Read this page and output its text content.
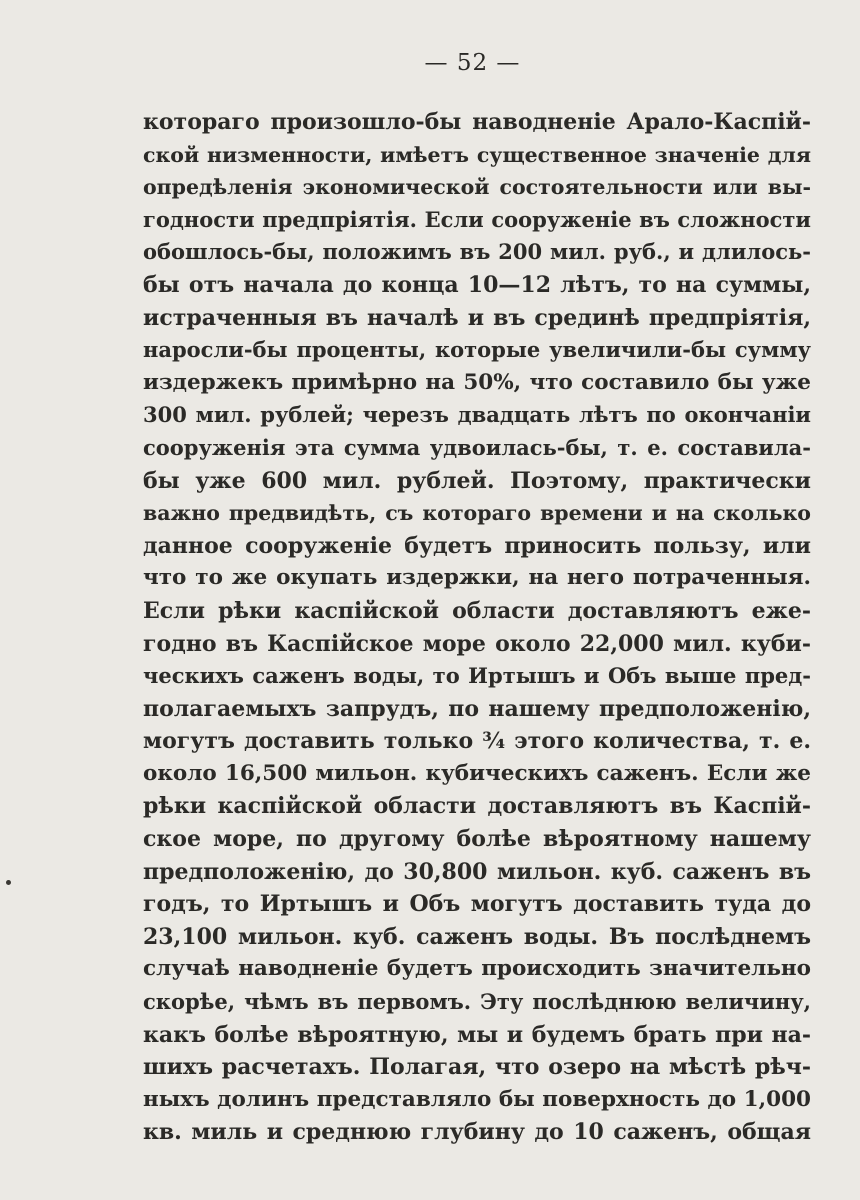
— 52 —
котораго произошло-бы наводненіе Арало-Каспій-
ской низменности, имѣетъ существенное значеніе для
опредѣленія экономической состоятельности или вы-
годности предпріятія. Если сооруженіе въ сложности
обошлось-бы, положимъ въ 200 мил. руб., и длилось-
бы отъ начала до конца 10—12 лѣтъ, то на суммы,
истраченныя въ началѣ и въ срединѣ предпріятія,
наросли-бы проценты, которые увеличили-бы сумму
издержекъ примѣрно на 50%, что составило бы уже
300 мил. рублей; черезъ двадцать лѣтъ по окончаніи
сооруженія эта сумма удвоилась-бы, т. е. составила-
бы уже 600 мил. рублей. Поэтому, практически
важно предвидѣть, съ котораго времени и на сколько
данное сооруженіе будетъ приносить пользу, или
что то же окупать издержки, на него потраченныя.
Если рѣки каспійской области доставляютъ еже-
годно въ Каспійское море около 22,000 мил. куби-
ческихъ саженъ воды, то Иртышъ и Объ выше пред-
полагаемыхъ запрудъ, по нашему предположенію,
могутъ доставить только ¾ этого количества, т. е.
около 16,500 мильон. кубическихъ саженъ. Если же
рѣки каспійской области доставляютъ въ Каспій-
ское море, по другому болѣе вѣроятному нашему
предположенію, до 30,800 мильон. куб. саженъ въ
годъ, то Иртышъ и Объ могутъ доставить туда до
23,100 мильон. куб. саженъ воды. Въ послѣднемъ
случаѣ наводненіе будетъ происходить значительно
скорѣе, чѣмъ въ первомъ. Эту послѣднюю величину,
какъ болѣе вѣроятную, мы и будемъ брать при на-
шихъ расчетахъ. Полагая, что озеро на мѣстѣ рѣч-
ныхъ долинъ представляло бы поверхность до 1,000
кв. миль и среднюю глубину до 10 саженъ, общая
